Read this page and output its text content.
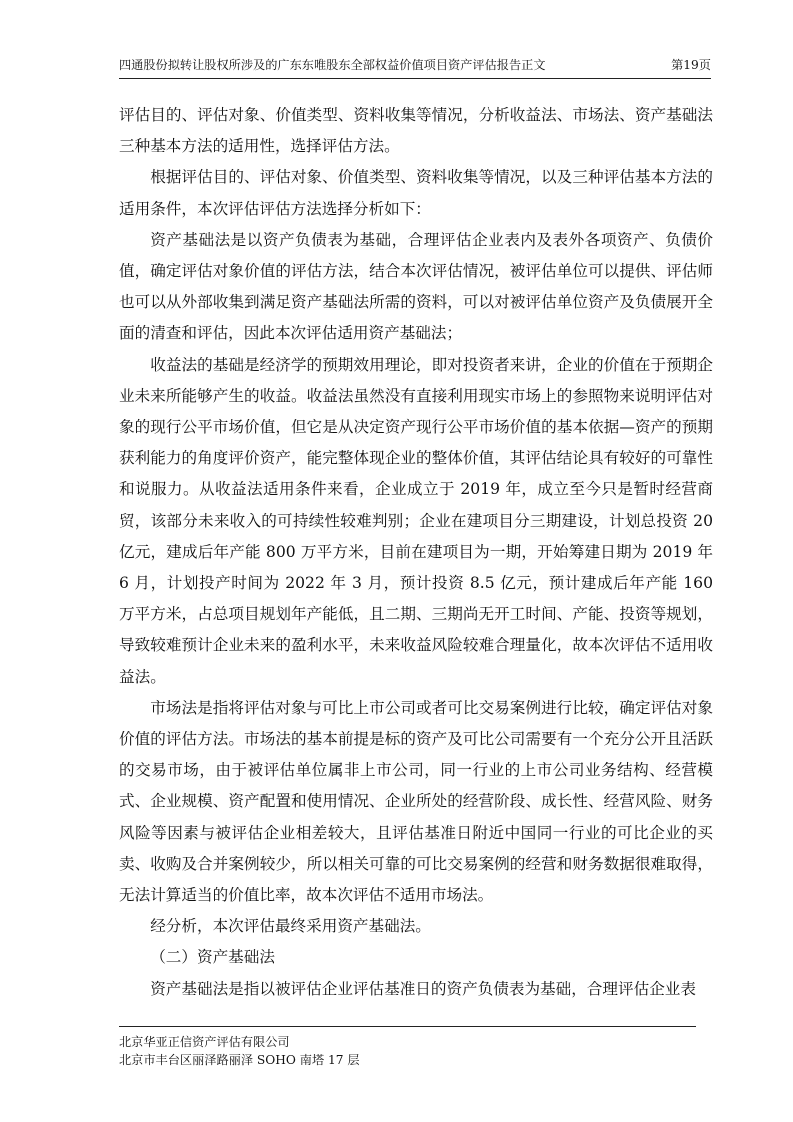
四通股份拟转让股权所涉及的广东东唯股东全部权益价值项目资产评估报告正文	第19页

评估目的、评估对象、价值类型、资料收集等情况，分析收益法、市场法、资产基础法三种基本方法的适用性，选择评估方法。

根据评估目的、评估对象、价值类型、资料收集等情况，以及三种评估基本方法的适用条件，本次评估评估方法选择分析如下：

资产基础法是以资产负债表为基础，合理评估企业表内及表外各项资产、负债价值，确定评估对象价值的评估方法，结合本次评估情况，被评估单位可以提供、评估师也可以从外部收集到满足资产基础法所需的资料，可以对被评估单位资产及负债展开全面的清查和评估，因此本次评估适用资产基础法；

收益法的基础是经济学的预期效用理论，即对投资者来讲，企业的价值在于预期企业未来所能够产生的收益。收益法虽然没有直接利用现实市场上的参照物来说明评估对象的现行公平市场价值，但它是从决定资产现行公平市场价值的基本依据—资产的预期获利能力的角度评价资产，能完整体现企业的整体价值，其评估结论具有较好的可靠性和说服力。从收益法适用条件来看，企业成立于 2019 年，成立至今只是暂时经营商贸，该部分未来收入的可持续性较难判别；企业在建项目分三期建设，计划总投资 20 亿元，建成后年产能 800 万平方米，目前在建项目为一期，开始筹建日期为 2019 年 6 月，计划投产时间为 2022 年 3 月，预计投资 8.5 亿元，预计建成后年产能 160 万平方米，占总项目规划年产能低，且二期、三期尚无开工时间、产能、投资等规划，导致较难预计企业未来的盈利水平，未来收益风险较难合理量化，故本次评估不适用收益法。

市场法是指将评估对象与可比上市公司或者可比交易案例进行比较，确定评估对象价值的评估方法。市场法的基本前提是标的资产及可比公司需要有一个充分公开且活跃的交易市场，由于被评估单位属非上市公司，同一行业的上市公司业务结构、经营模式、企业规模、资产配置和使用情况、企业所处的经营阶段、成长性、经营风险、财务风险等因素与被评估企业相差较大，且评估基准日附近中国同一行业的可比企业的买卖、收购及合并案例较少，所以相关可靠的可比交易案例的经营和财务数据很难取得，无法计算适当的价值比率，故本次评估不适用市场法。

经分析，本次评估最终采用资产基础法。

（二）资产基础法

资产基础法是指以被评估企业评估基准日的资产负债表为基础，合理评估企业表

北京华亚正信资产评估有限公司
北京市丰台区丽泽路丽泽 SOHO 南塔 17 层
